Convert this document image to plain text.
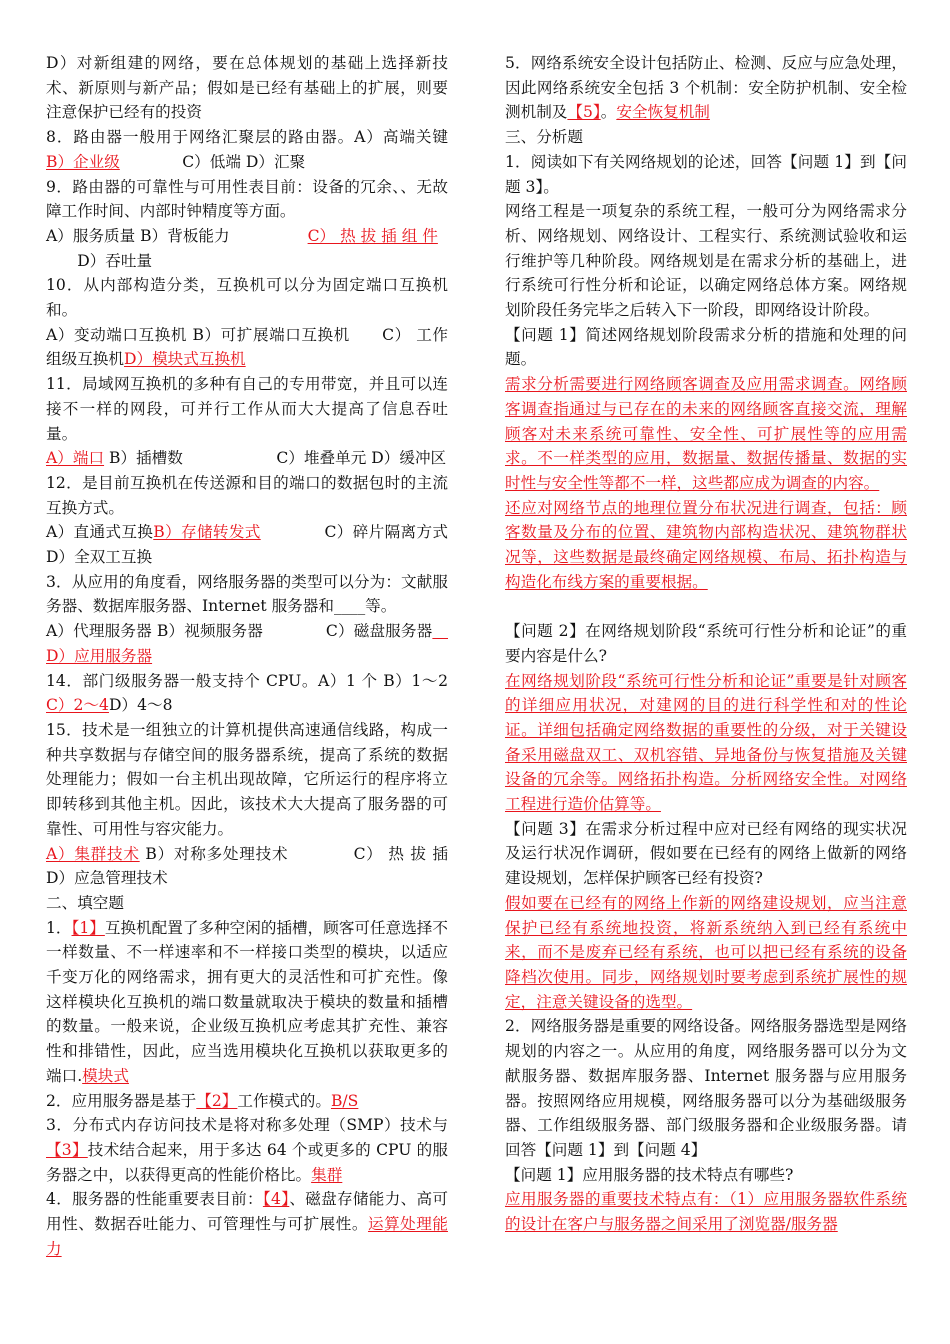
D）对新组建的网络，要在总体规划的基础上选择新技术、新原则与新产品；假如是已经有基础上的扩展，则要注意保护已经有的投资

8．路由器一般用于网络汇聚层的路由器。A）高端关键　B）企业级　　　　C）低端 D）汇聚

9．路由器的可靠性与可用性表目前：设备的冗余、、无故障工作时间、内部时钟精度等方面。

A）服务质量 B）背板能力　　　　　C） 热 拔 插 组 件

　　D）吞吐量

10．从内部构造分类，互换机可以分为固定端口互换机和。

A）变动端口互换机 B）可扩展端口互换机　　C） 工作组级互换机D）模块式互换机

11．局域网互换机的多种有自己的专用带宽，并且可以连接不一样的网段，可并行工作从而大大提高了信息吞吐量。

A）端口 B）插槽数　　　　　　C）堆叠单元 D）缓冲区

12．是目前互换机在传送源和目的端口的数据包时的主流互换方式。

A）直通式互换B）存储转发式　　　　C）碎片隔离方式　　D）全双工互换

3．从应用的角度看，网络服务器的类型可以分为：文献服务器、数据库服务器、Internet 服务器和____等。

A）代理服务器 B）视频服务器　　　　C）磁盘服务器　D）应用服务器

14．部门级服务器一般支持个 CPU。A）1 个 B）1～2　C）2～4D）4～8

15．技术是一组独立的计算机提供高速通信线路，构成一种共享数据与存储空间的服务器系统，提高了系统的数据处理能力；假如一台主机出现故障，它所运行的程序将立即转移到其他主机。因此，该技术大大提高了服务器的可靠性、可用性与容灾能力。

A）集群技术 B）对称多处理技术　　　　C） 热 拔 插 D）应急管理技术

二、填空题

1．【1】互换机配置了多种空闲的插槽，顾客可任意选择不一样数量、不一样速率和不一样接口类型的模块，以适应千变万化的网络需求，拥有更大的灵活性和可扩充性。像这样模块化互换机的端口数量就取决于模块的数量和插槽的数量。一般来说，企业级互换机应考虑其扩充性、兼容性和排错性，因此，应当选用模块化互换机以获取更多的端口.模块式

2．应用服务器是基于【2】工作模式的。B/S

3．分布式内存访问技术是将对称多处理（SMP）技术与【3】技术结合起来，用于多达 64 个或更多的 CPU 的服务器之中，以获得更高的性能价格比。集群

4．服务器的性能重要表目前：【4】、磁盘存储能力、高可用性、数据吞吐能力、可管理性与可扩展性。运算处理能力

5．网络系统安全设计包括防止、检测、反应与应急处理，因此网络系统安全包括 3 个机制：安全防护机制、安全检测机制及【5】。安全恢复机制

三、分析题

1．阅读如下有关网络规划的论述，回答【问题 1】到【问题 3】。

网络工程是一项复杂的系统工程，一般可分为网络需求分析、网络规划、网络设计、工程实行、系统测试验收和运行维护等几种阶段。网络规划是在需求分析的基础上，进行系统可行性分析和论证，以确定网络总体方案。网络规划阶段任务完毕之后转入下一阶段，即网络设计阶段。

【问题 1】简述网络规划阶段需求分析的措施和处理的问题。

需求分析需要进行网络顾客调查及应用需求调查。网络顾客调查指通过与已存在的未来的网络顾客直接交流，理解顾客对未来系统可靠性、安全性、可扩展性等的应用需求。不一样类型的应用，数据量、数据传播量、数据的实时性与安全性等都不一样，这些都应成为调查的内容。

还应对网络节点的地理位置分布状况进行调查，包括：顾客数量及分布的位置、建筑物内部构造状况、建筑物群状况等，这些数据是最终确定网络规模、布局、拓扑构造与构造化布线方案的重要根据。

【问题 2】在网络规划阶段“系统可行性分析和论证”的重要内容是什么?

在网络规划阶段“系统可行性分析和论证”重要是针对顾客的详细应用状况，对建网的目的进行科学性和对的性论证。详细包括确定网络数据的重要性的分级，对于关键设备采用磁盘双工、双机容错、异地备份与恢复措施及关键设备的冗余等。网络拓扑构造。分析网络安全性。对网络工程进行造价估算等。

【问题 3】在需求分析过程中应对已经有网络的现实状况及运行状况作调研，假如要在已经有的网络上做新的网络建设规划，怎样保护顾客已经有投资?

假如要在已经有的网络上作新的网络建设规划，应当注意保护已经有系统地投资，将新系统纳入到已经有系统中来，而不是废弃已经有系统，也可以把已经有系统的设备降档次使用。同步，网络规划时要考虑到系统扩展性的规定，注意关键设备的选型。

2．网络服务器是重要的网络设备。网络服务器选型是网络规划的内容之一。从应用的角度，网络服务器可以分为文献服务器、数据库服务器、Internet 服务器与应用服务器。按照网络应用规模，网络服务器可以分为基础级服务器、工作组级服务器、部门级服务器和企业级服务器。请回答【问题 1】到【问题 4】

【问题 1】应用服务器的技术特点有哪些?

应用服务器的重要技术特点有：（1）应用服务器软件系统的设计在客户与服务器之间采用了浏览器/服务器
